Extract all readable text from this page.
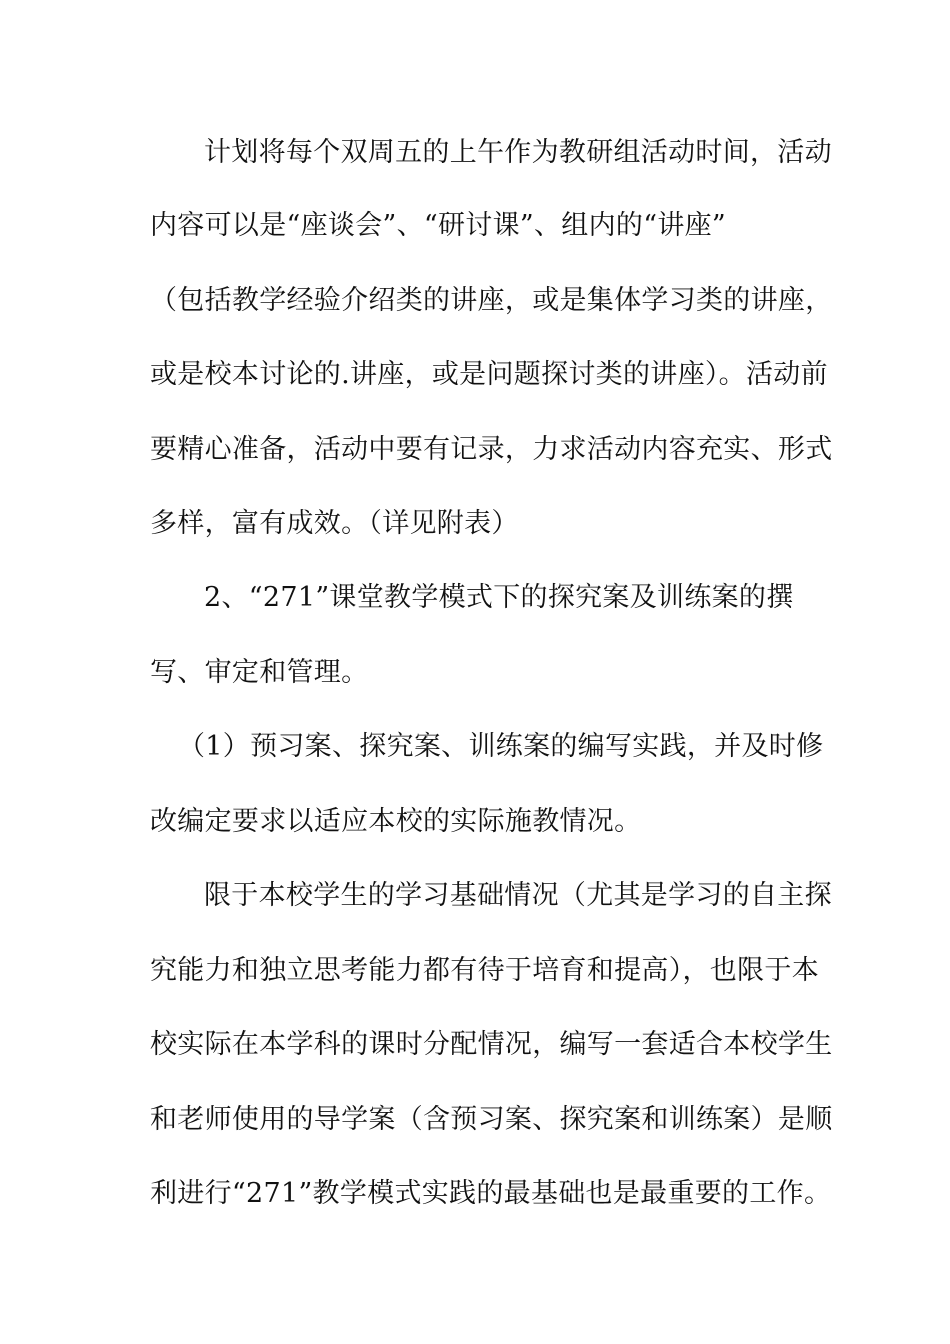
计划将每个双周五的上午作为教研组活动时间，活动

内容可以是“座谈会”、“研讨课”、组内的“讲座”

（包括教学经验介绍类的讲座，或是集体学习类的讲座，

或是校本讨论的.讲座，或是问题探讨类的讲座）。活动前

要精心准备，活动中要有记录，力求活动内容充实、形式

多样，富有成效。（详见附表）

2、“271”课堂教学模式下的探究案及训练案的撰

写、审定和管理。

（1）预习案、探究案、训练案的编写实践，并及时修

改编定要求以适应本校的实际施教情况。

限于本校学生的学习基础情况（尤其是学习的自主探

究能力和独立思考能力都有待于培育和提高），也限于本

校实际在本学科的课时分配情况，编写一套适合本校学生

和老师使用的导学案（含预习案、探究案和训练案）是顺

利进行“271”教学模式实践的最基础也是最重要的工作。
